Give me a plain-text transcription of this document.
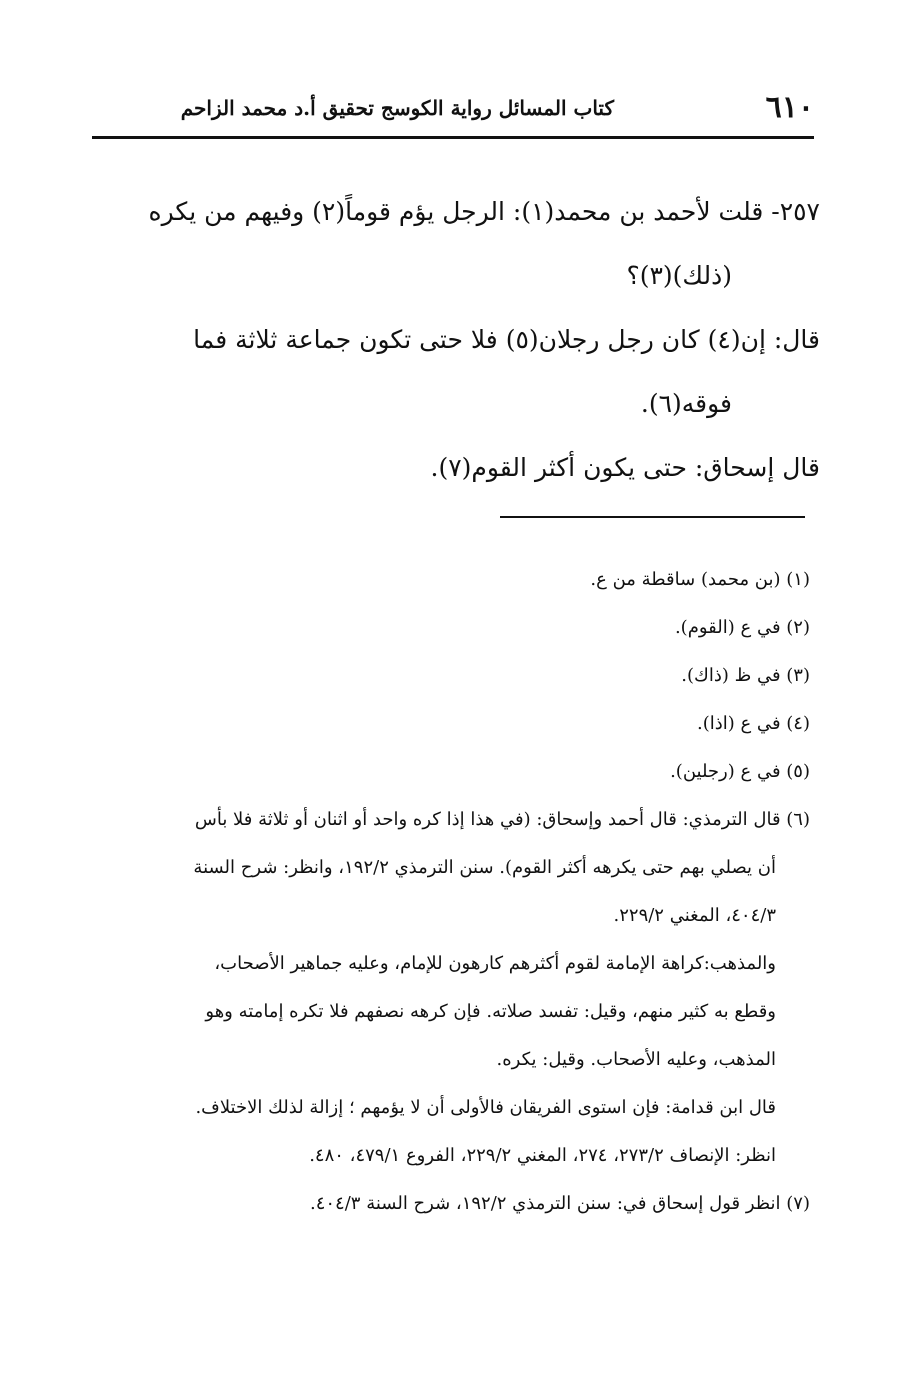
٦١٠
كتاب المسائل رواية الكوسج تحقيق أ.د محمد الزاحم

٢٥٧- قلت لأحمد بن محمد(١): الرجل يؤم قوماً(٢) وفيهم من يكره

(ذلك)(٣)؟

قال: إن(٤) كان رجل رجلان(٥) فلا حتى تكون جماعة ثلاثة فما

فوقه(٦).

قال إسحاق: حتى يكون أكثر القوم(٧).

(١) (بن محمد) ساقطة من ع.

(٢) في ع (القوم).

(٣) في ظ (ذاك).

(٤) في ع (اذا).

(٥) في ع (رجلين).

(٦) قال الترمذي: قال أحمد وإسحاق: (في هذا إذا كره واحد أو اثنان أو ثلاثة فلا بأس

أن يصلي بهم حتى يكرهه أكثر القوم). سنن الترمذي ١٩٢/٢، وانظر: شرح السنة

٤٠٤/٣، المغني ٢٢٩/٢.

والمذهب:كراهة الإمامة لقوم أكثرهم كارهون للإمام، وعليه جماهير الأصحاب،

وقطع به كثير منهم، وقيل: تفسد صلاته. فإن كرهه نصفهم فلا تكره إمامته وهو

المذهب، وعليه الأصحاب. وقيل: يكره.

قال ابن قدامة: فإن استوى الفريقان فالأولى أن لا يؤمهم ؛ إزالة لذلك الاختلاف.

انظر: الإنصاف ٢٧٣/٢، ٢٧٤، المغني ٢٢٩/٢، الفروع ٤٧٩/١، ٤٨٠.

(٧) انظر قول إسحاق في: سنن الترمذي ١٩٢/٢، شرح السنة ٤٠٤/٣.
